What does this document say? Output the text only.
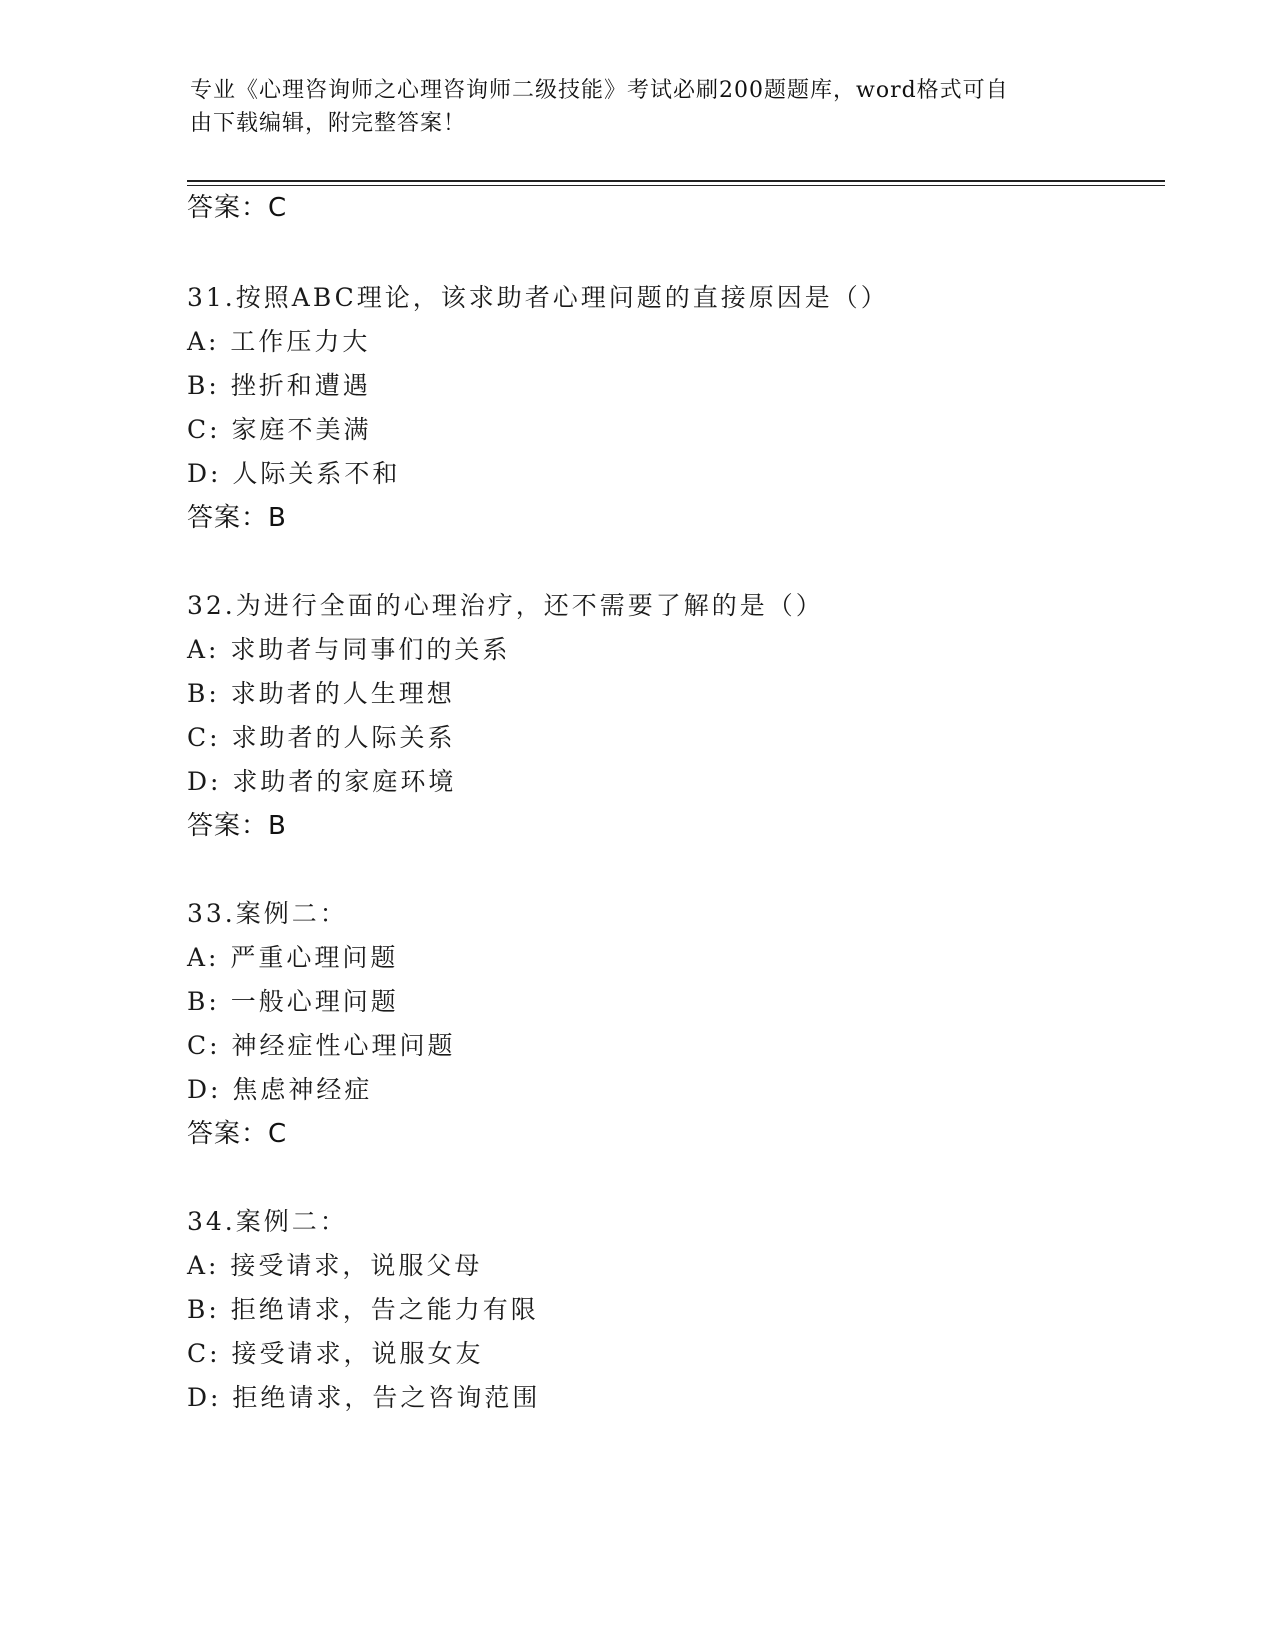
专业《心理咨询师之心理咨询师二级技能》考试必刷200题题库，word格式可自
由下载编辑，附完整答案！
答案：C
31.按照ABC理论，该求助者心理问题的直接原因是（）
A: 工作压力大
B: 挫折和遭遇
C: 家庭不美满
D: 人际关系不和
答案：B
32.为进行全面的心理治疗，还不需要了解的是（）
A: 求助者与同事们的关系
B: 求助者的人生理想
C: 求助者的人际关系
D: 求助者的家庭环境
答案：B
33.案例二：
A: 严重心理问题
B: 一般心理问题
C: 神经症性心理问题
D: 焦虑神经症
答案：C
34.案例二：
A: 接受请求，说服父母
B: 拒绝请求，告之能力有限
C: 接受请求，说服女友
D: 拒绝请求，告之咨询范围
